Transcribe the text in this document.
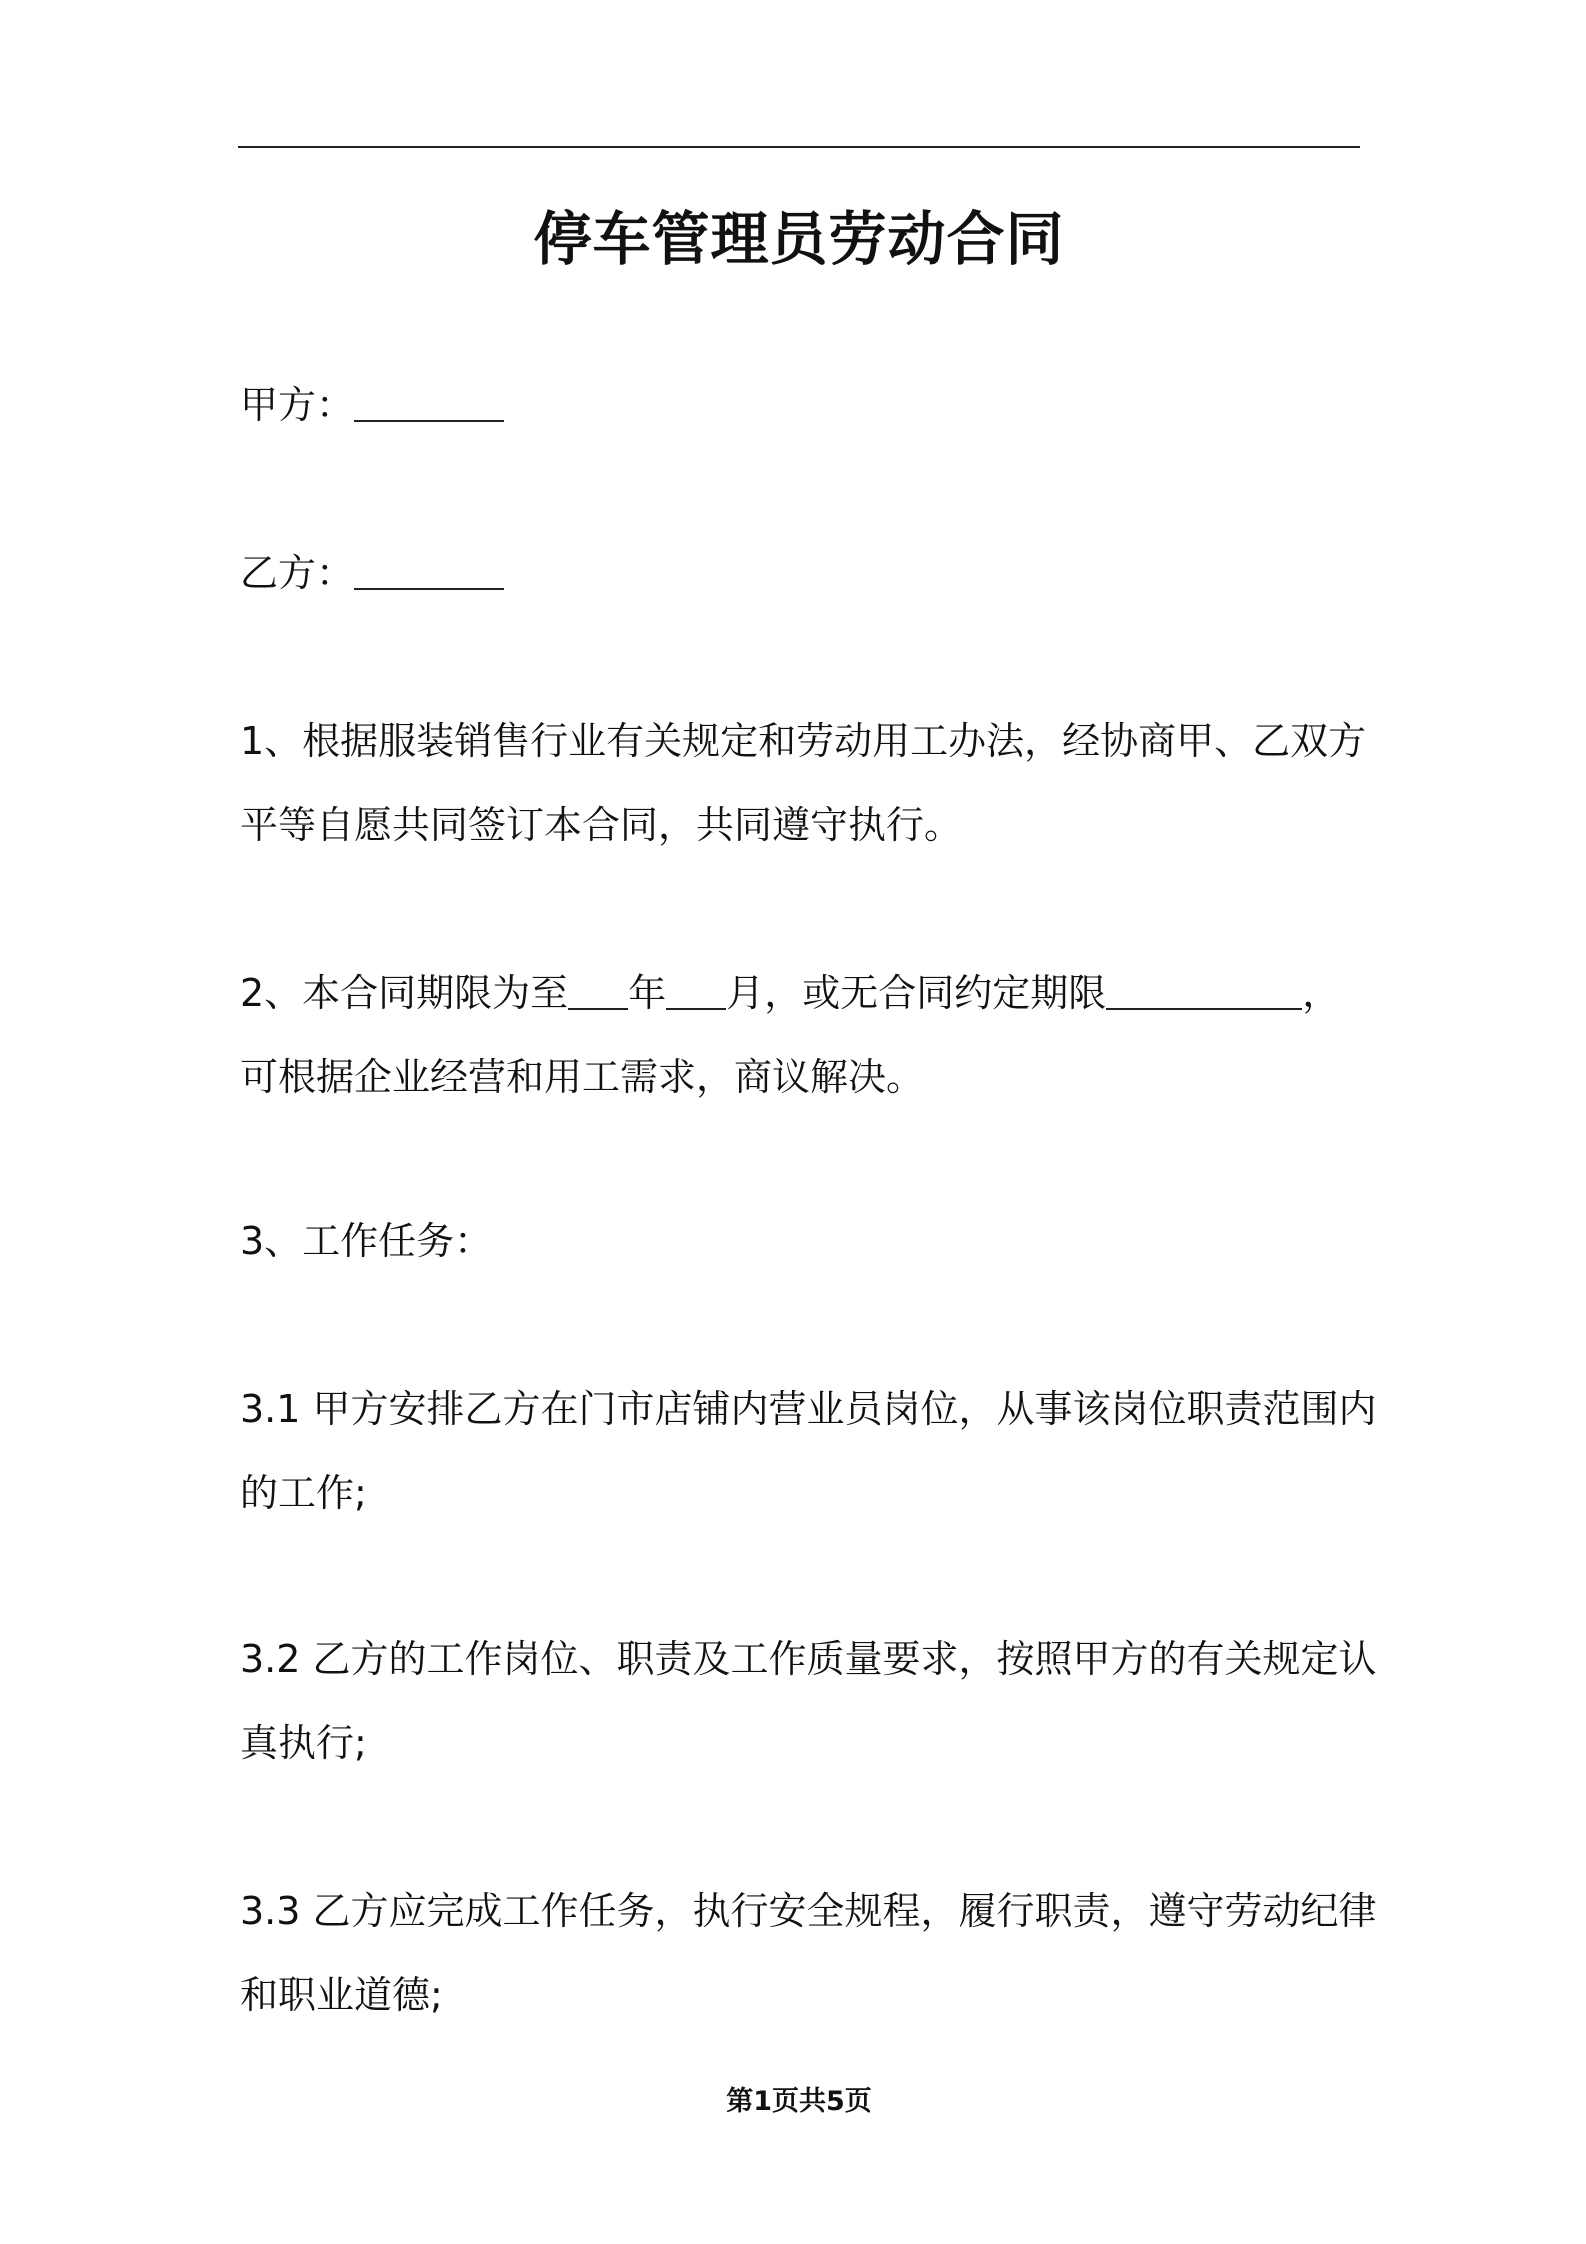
停车管理员劳动合同
甲方：
乙方：
1、根据服装销售行业有关规定和劳动用工办法，经协商甲、乙双方
平等自愿共同签订本合同，共同遵守执行。
2、本合同期限为至 年 月，或无合同约定期限	，
可根据企业经营和用工需求，商议解决。
3、工作任务：
3.1 甲方安排乙方在门市店铺内营业员岗位，从事该岗位职责范围内
的工作;
3.2 乙方的工作岗位、职责及工作质量要求，按照甲方的有关规定认
真执行;
3.3 乙方应完成工作任务，执行安全规程，履行职责，遵守劳动纪律
和职业道德;
第1页共5页
